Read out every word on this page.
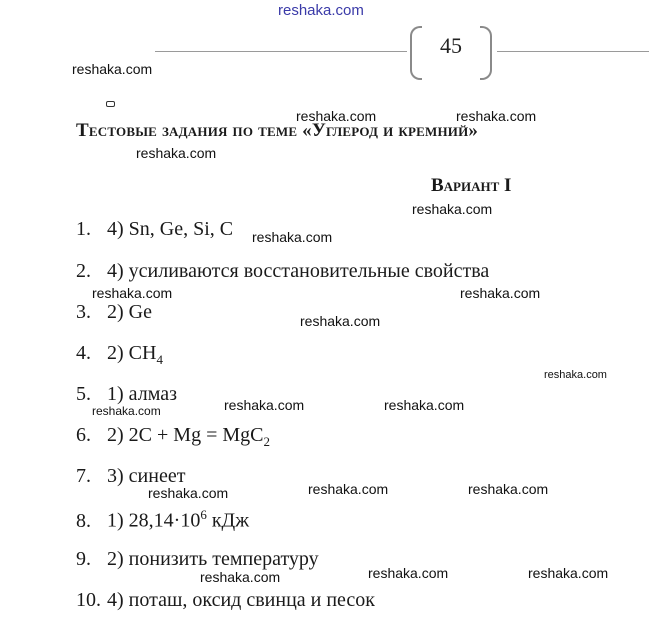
reshaka.com
45
reshaka.com
reshaka.com	reshaka.com
Тестовые задания по теме «Углерод и кремний»
reshaka.com
Вариант I
reshaka.com
1. 4) Sn, Ge, Si, C reshaka.com
2. 4) усиливаются восстановительные свойства
reshaka.com	reshaka.com
3. 2) Ge	reshaka.com
4. 2) $CH_4$
reshaka.com
5. 1) алмаз
reshaka.com	reshaka.com	reshaka.com
6. 2) 2C + Mg = MgC$_2$
7. 3) синеет
reshaka.com	reshaka.com	reshaka.com
8. 1) $28,14\cdot 10^6$ кДж
9. 2) понизить температуру
reshaka.com	reshaka.com	reshaka.com
10. 4) поташ, оксид свинца и песок
